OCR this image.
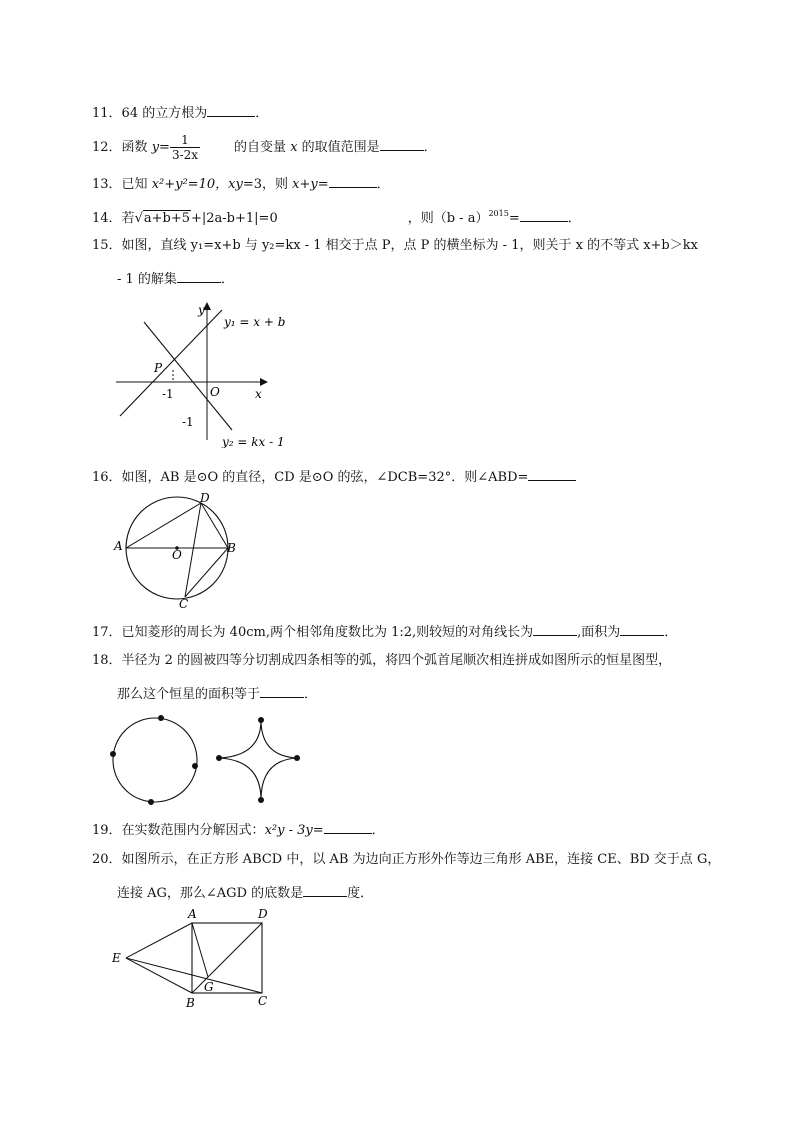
11．64 的立方根为	．
12．函数 $y= \frac{1}{3-2x}$	的自变量 x 的取值范围是	．
13．已知 x²+y²=10，xy=3，则 x+y=	．
14．若√a+b+5+|2a-b+1|=0	，则（b - a）$^{2015}$=	．
15．如图，直线 y₁=x+b 与 y₂=kx - 1 相交于点 P，点 P 的横坐标为 - 1，则关于 x 的不等式 x+b＞kx
- 1 的解集	．
y
x
O
P
-1
-1
y₁ = x + b
y₂ = kx - 1
16．如图，AB 是⊙O 的直径，CD 是⊙O 的弦，∠DCB=32°．则∠ABD=
A	B
C
D
O
17．已知菱形的周长为 40cm,两个相邻角度数比为 1:2,则较短的对角线长为	,面积为	．
18．半径为 2 的圆被四等分切割成四条相等的弧，将四个弧首尾顺次相连拼成如图所示的恒星图型，
那么这个恒星的面积等于	．
19．在实数范围内分解因式：x²y - 3y=	．
20．如图所示，在正方形 ABCD 中，以 AB 为边向正方形外作等边三角形 ABE，连接 CE、BD 交于点 G，
连接 AG，那么∠AGD 的底数是	度．
A
B	C
D
E
G
